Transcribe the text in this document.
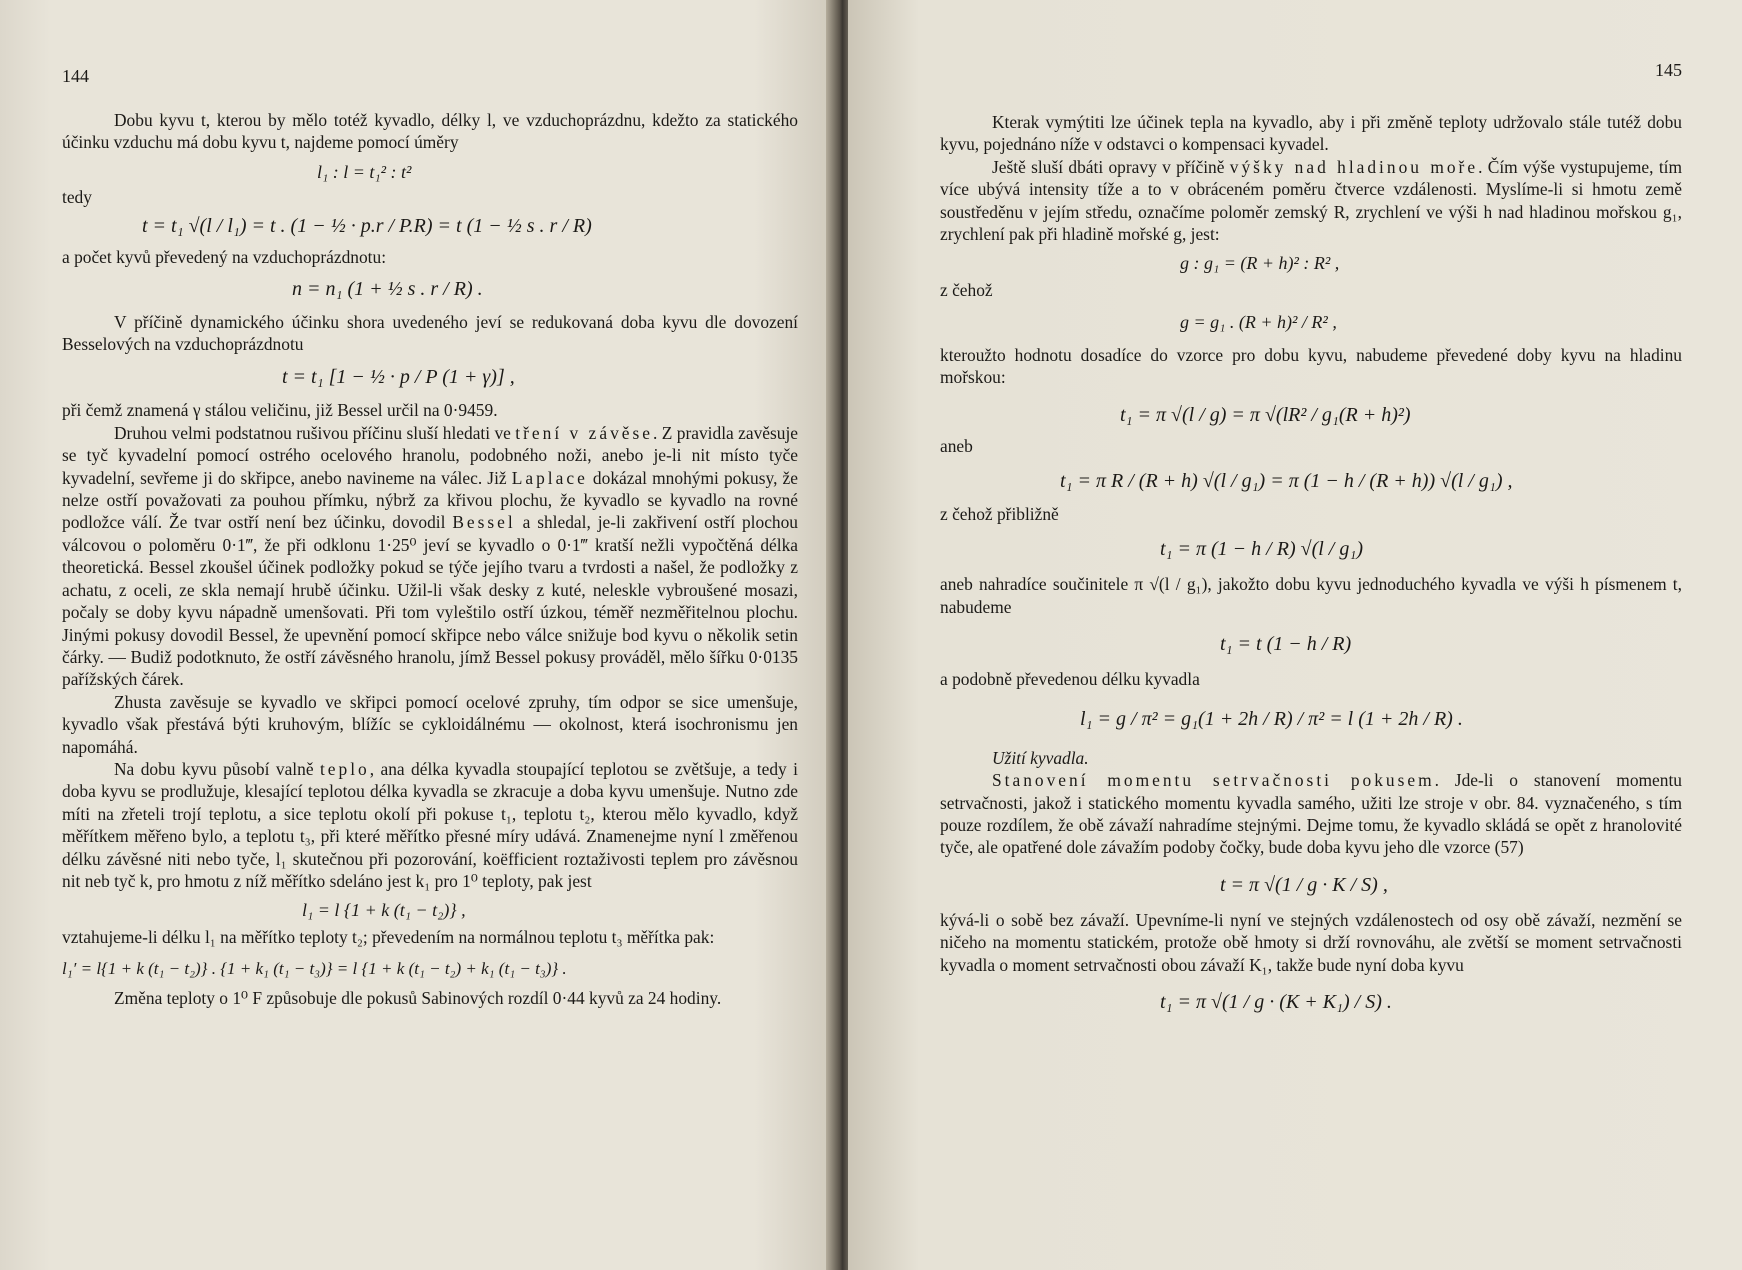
144

Dobu kyvu t, kterou by mělo totéž kyvadlo, délky l, ve vzduchoprázdnu, kdežto za statického účinku vzduchu má dobu kyvu t, najdeme pomocí úměry

l₁ : l = t₁² : t²

tedy

t = t₁ √(l / l₁) = t . (1 − ½ · p.r / P.R) = t (1 − ½ s . r / R)

a počet kyvů převedený na vzduchoprázdnotu:

n = n₁ (1 + ½ s . r / R) .

V příčině dynamického účinku shora uvedeného jeví se redukovaná doba kyvu dle dovození Besselových na vzduchoprázdnotu

t = t₁ [1 − ½ · p / P (1 + γ)] ,

při čemž znamená γ stálou veličinu, již Bessel určil na 0·9459.

Druhou velmi podstatnou rušivou příčinu sluší hledati ve tření v závěse. Z pravidla zavěsuje se tyč kyvadelní pomocí ostrého ocelového hranolu, podobného noži, anebo je-li nit místo tyče kyvadelní, sevřeme ji do skřipce, anebo navineme na válec. Již Laplace dokázal mnohými pokusy, že nelze ostří považovati za pouhou přímku, nýbrž za křivou plochu, že kyvadlo se kyvadlo na rovné podložce válí. Že tvar ostří není bez účinku, dovodil Bessel a shledal, je-li zakřivení ostří plochou válcovou o poloměru 0·1‴, že při odklonu 1·25⁰ jeví se kyvadlo o 0·1‴ kratší nežli vypočtěná délka theoretická. Bessel zkoušel účinek podložky pokud se týče jejího tvaru a tvrdosti a našel, že podložky z achatu, z oceli, ze skla nemají hrubě účinku. Užil-li však desky z kuté, neleskle vybroušené mosazi, počaly se doby kyvu nápadně umenšovati. Při tom vyleštilo ostří úzkou, téměř nezměřitelnou plochu. Jinými pokusy dovodil Bessel, že upevnění pomocí skřipce nebo válce snižuje bod kyvu o několik setin čárky. — Budiž podotknuto, že ostří závěsného hranolu, jímž Bessel pokusy prováděl, mělo šířku 0·0135 pařížských čárek.

Zhusta zavěsuje se kyvadlo ve skřipci pomocí ocelové zpruhy, tím odpor se sice umenšuje, kyvadlo však přestává býti kruhovým, blížíc se cykloidálnému — okolnost, která isochronismu jen napomáhá.

Na dobu kyvu působí valně teplo, ana délka kyvadla stoupající teplotou se zvětšuje, a tedy i doba kyvu se prodlužuje, klesající teplotou délka kyvadla se zkracuje a doba kyvu umenšuje. Nutno zde míti na zřeteli trojí teplotu, a sice teplotu okolí při pokuse t₁, teplotu t₂, kterou mělo kyvadlo, když měřítkem měřeno bylo, a teplotu t₃, při které měřítko přesné míry udává. Znamenejme nyní l změřenou délku závěsné niti nebo tyče, l₁ skutečnou při pozorování, koëfficient roztaživosti teplem pro závěsnou nit neb tyč k, pro hmotu z níž měřítko sdeláno jest k₁ pro 1⁰ teploty, pak jest

l₁ = l {1 + k (t₁ − t₂)} ,

vztahujeme-li délku l₁ na měřítko teploty t₂; převedením na normálnou teplotu t₃ měřítka pak:

l₁′ = l{1 + k (t₁ − t₂)} . {1 + k₁ (t₁ − t₃)} = l {1 + k (t₁ − t₂) + k₁ (t₁ − t₃)} .

Změna teploty o 1⁰ F způsobuje dle pokusů Sabinových rozdíl 0·44 kyvů za 24 hodiny.

145

Kterak vymýtiti lze účinek tepla na kyvadlo, aby i při změně teploty udržovalo stále tutéž dobu kyvu, pojednáno níže v odstavci o kompensaci kyvadel.

Ještě sluší dbáti opravy v příčině výšky nad hladinou moře. Čím výše vystupujeme, tím více ubývá intensity tíže a to v obráceném poměru čtverce vzdálenosti. Myslíme-li si hmotu země soustředěnu v jejím středu, označíme poloměr zemský R, zrychlení ve výši h nad hladinou mořskou g₁, zrychlení pak při hladině mořské g, jest:

g : g₁ = (R + h)² : R² ,

z čehož

g = g₁ . (R + h)² / R² ,

kteroužto hodnotu dosadíce do vzorce pro dobu kyvu, nabudeme převedené doby kyvu na hladinu mořskou:

t₁ = π √(l / g) = π √(lR² / g₁(R + h)²)

aneb

t₁ = π R / (R + h) √(l / g₁) = π (1 − h / (R + h)) √(l / g₁) ,

z čehož přibližně

t₁ = π (1 − h / R) √(l / g₁)

aneb nahradíce součinitele π √(l / g₁), jakožto dobu kyvu jednoduchého kyvadla ve výši h písmenem t, nabudeme

t₁ = t (1 − h / R)

a podobně převedenou délku kyvadla

l₁ = g / π² = g₁(1 + 2h / R) / π² = l (1 + 2h / R) .

Užití kyvadla.

Stanovení momentu setrvačnosti pokusem. Jde-li o stanovení momentu setrvačnosti, jakož i statického momentu kyvadla samého, užiti lze stroje v obr. 84. vyznačeného, s tím pouze rozdílem, že obě závaží nahradíme stejnými. Dejme tomu, že kyvadlo skládá se opět z hranolovité tyče, ale opatřené dole závažím podoby čočky, bude doba kyvu jeho dle vzorce (57)

t = π √(1 / g · K / S) ,

kývá-li o sobě bez závaží. Upevníme-li nyní ve stejných vzdálenostech od osy obě závaží, nezmění se ničeho na momentu statickém, protože obě hmoty si drží rovnováhu, ale zvětší se moment setrvačnosti kyvadla o moment setrvačnosti obou závaží K₁, takže bude nyní doba kyvu

t₁ = π √(1 / g · (K + K₁) / S) .
